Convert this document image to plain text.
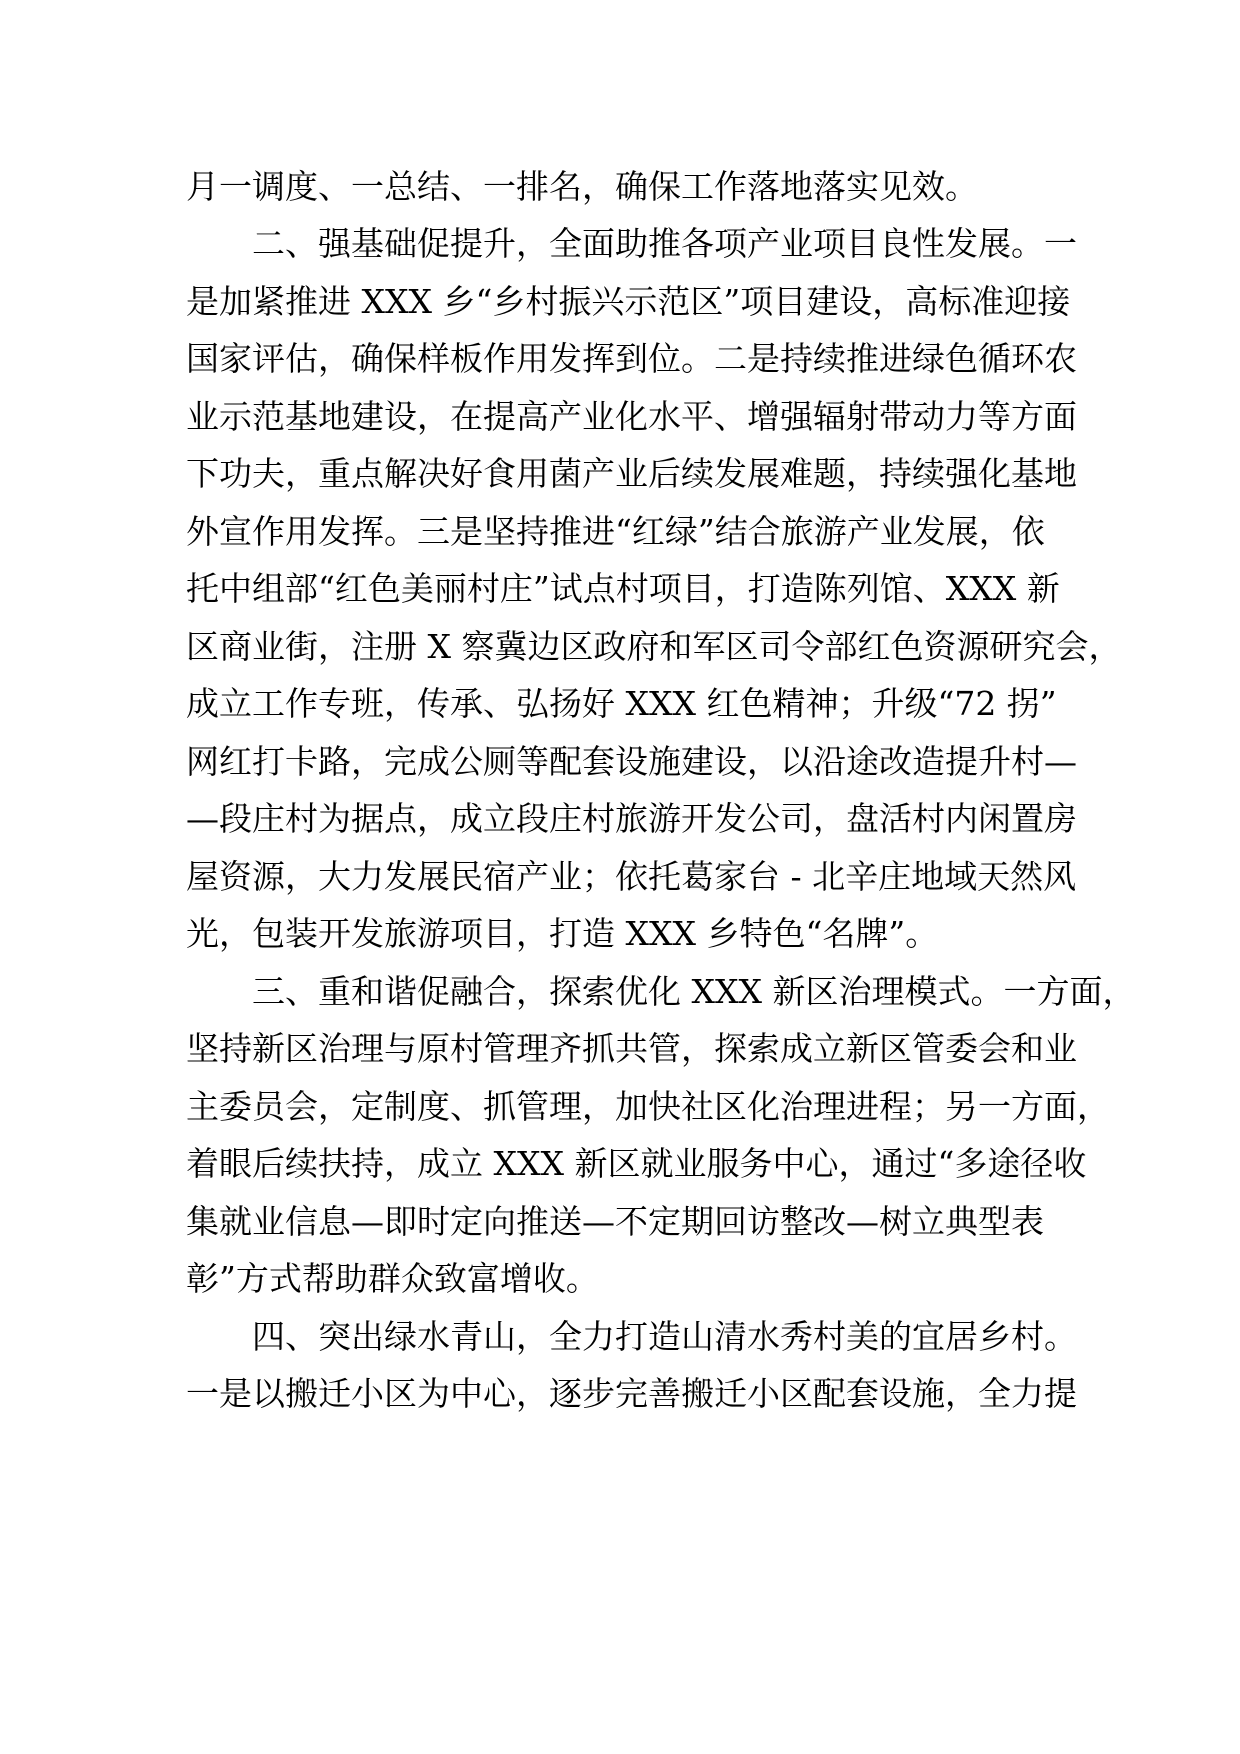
月一调度、一总结、一排名，确保工作落地落实见效。
二、强基础促提升，全面助推各项产业项目良性发展。一
是加紧推进 XXX 乡“乡村振兴示范区”项目建设，高标准迎接
国家评估，确保样板作用发挥到位。二是持续推进绿色循环农
业示范基地建设，在提高产业化水平、增强辐射带动力等方面
下功夫，重点解决好食用菌产业后续发展难题，持续强化基地
外宣作用发挥。三是坚持推进“红绿”结合旅游产业发展，依
托中组部“红色美丽村庄”试点村项目，打造陈列馆、XXX 新
区商业街，注册 X 察冀边区政府和军区司令部红色资源研究会，
成立工作专班，传承、弘扬好 XXX 红色精神；升级“72 拐”
网红打卡路，完成公厕等配套设施建设，以沿途改造提升村—
—段庄村为据点，成立段庄村旅游开发公司，盘活村内闲置房
屋资源，大力发展民宿产业；依托葛家台 - 北辛庄地域天然风
光，包装开发旅游项目，打造 XXX 乡特色“名牌”。
三、重和谐促融合，探索优化 XXX 新区治理模式。一方面，
坚持新区治理与原村管理齐抓共管，探索成立新区管委会和业
主委员会，定制度、抓管理，加快社区化治理进程；另一方面，
着眼后续扶持，成立 XXX 新区就业服务中心，通过“多途径收
集就业信息—即时定向推送—不定期回访整改—树立典型表
彰”方式帮助群众致富增收。
四、突出绿水青山，全力打造山清水秀村美的宜居乡村。
一是以搬迁小区为中心，逐步完善搬迁小区配套设施，全力提
